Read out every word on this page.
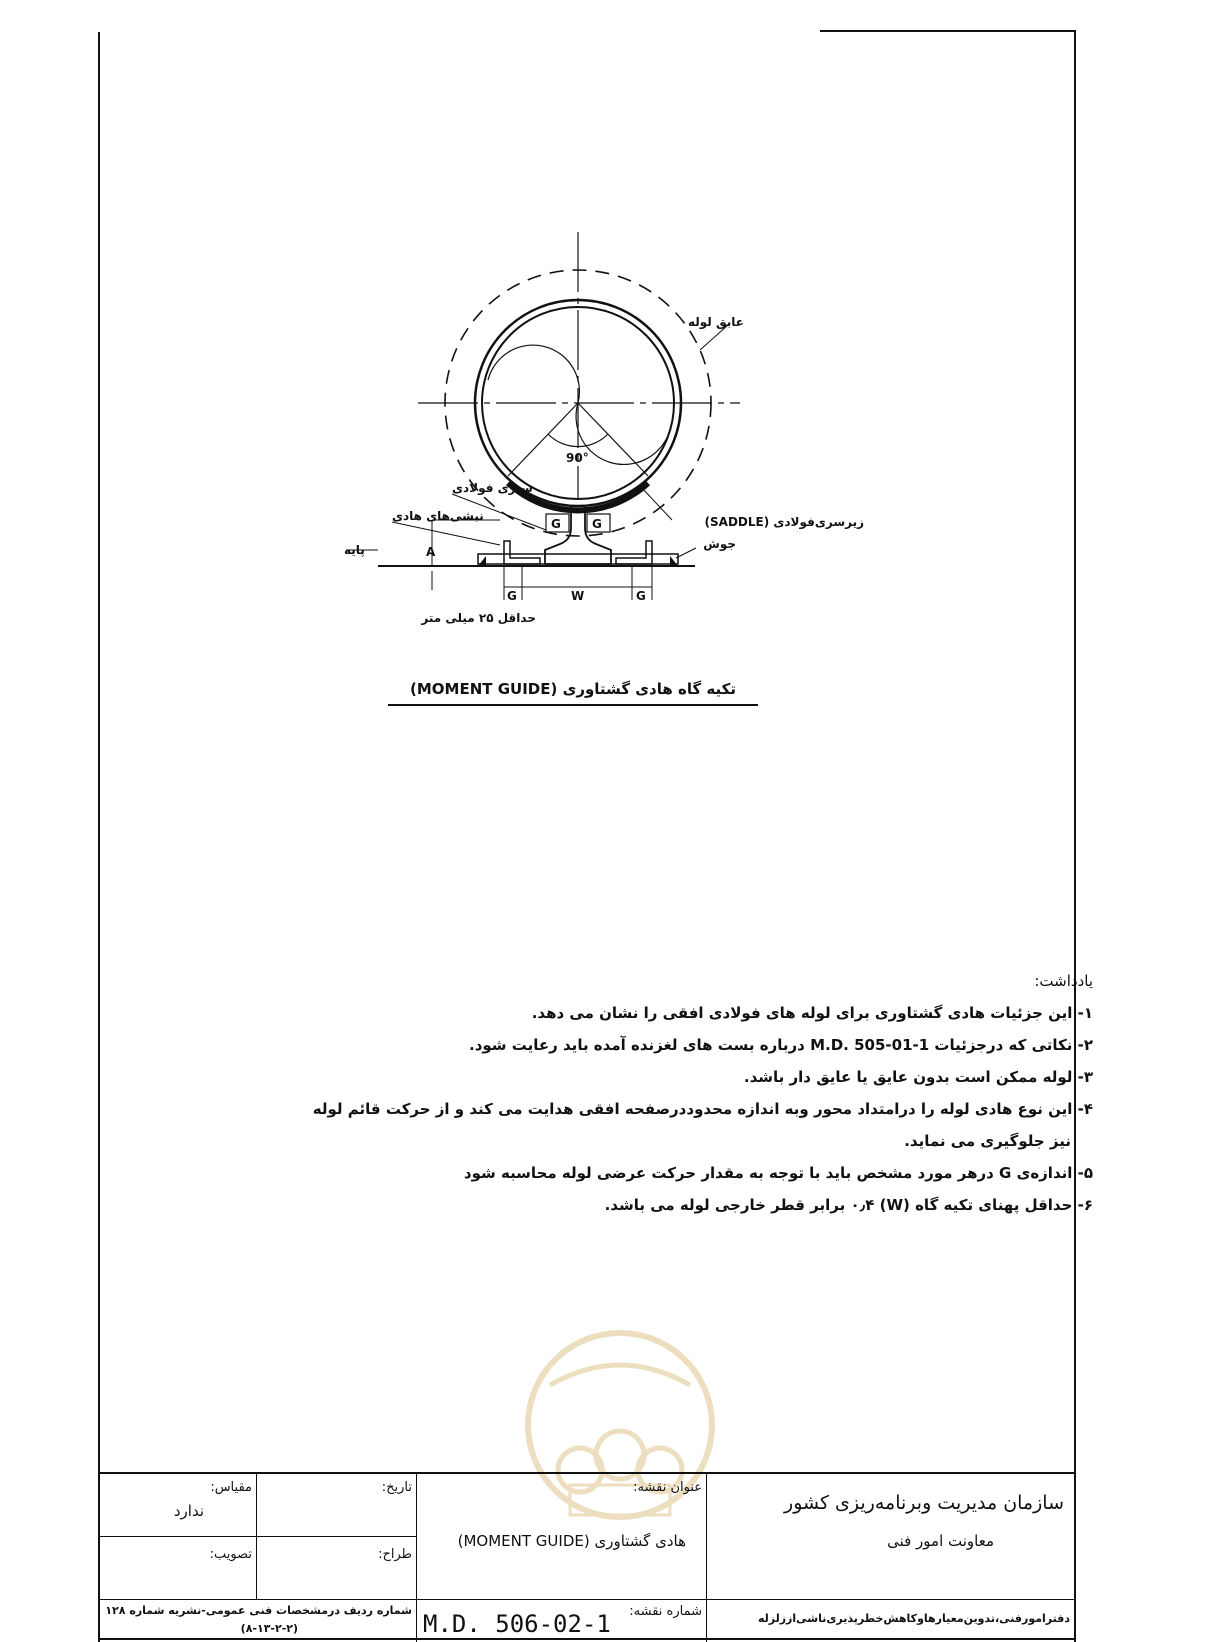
90°
G	G
G	W	G
A
عابق لوله
سپری فولادی
نبشی‌های هادی
پایه
زیرسری‌فولادی (SADDLE)
جوش
حداقل ۲۵ میلی متر
تکیه گاه هادی گشتاوری (MOMENT GUIDE)
یادداشت:
۱- این جزئیات هادی گشتاوری برای لوله های فولادی افقی را نشان می دهد.
۲- نکاتی که درجزئیات M.D. 505-01-1 درباره بست های لغزنده آمده باید رعایت شود.
۳- لوله ممکن است بدون عایق یا عایق دار باشد.
۴- این نوع هادی لوله را درامتداد محور وبه اندازه محدوددرصفحه افقی هدایت می کند و از حرکت قائم لوله
نیز جلوگیری می نماید.
۵- اندازه‌ی G درهر مورد مشخص باید با توجه به مقدار حرکت عرضی لوله محاسبه شود
۶- حداقل پهنای تکیه گاه (W) ۰٫۴ برابر قطر خارجی لوله می باشد.
سازمان مدیریت وبرنامه‌ریزی کشور
معاونت امور فنی
دفترامورفنی،تدوین‌معیارهاوکاهش‌خطرپذیری‌ناشی‌اززلزله
عنوان نقشه:
هادی گشتاوری (MOMENT GUIDE)
شماره نقشه:
M.D. 506-02-1
تاریخ:
طراح:
مقیاس:
ندارد
تصویب:
شماره ردیف درمشخصات فنی عمومی-نشریه شماره ۱۲۸
(۸-۱۳-۲-۲)
